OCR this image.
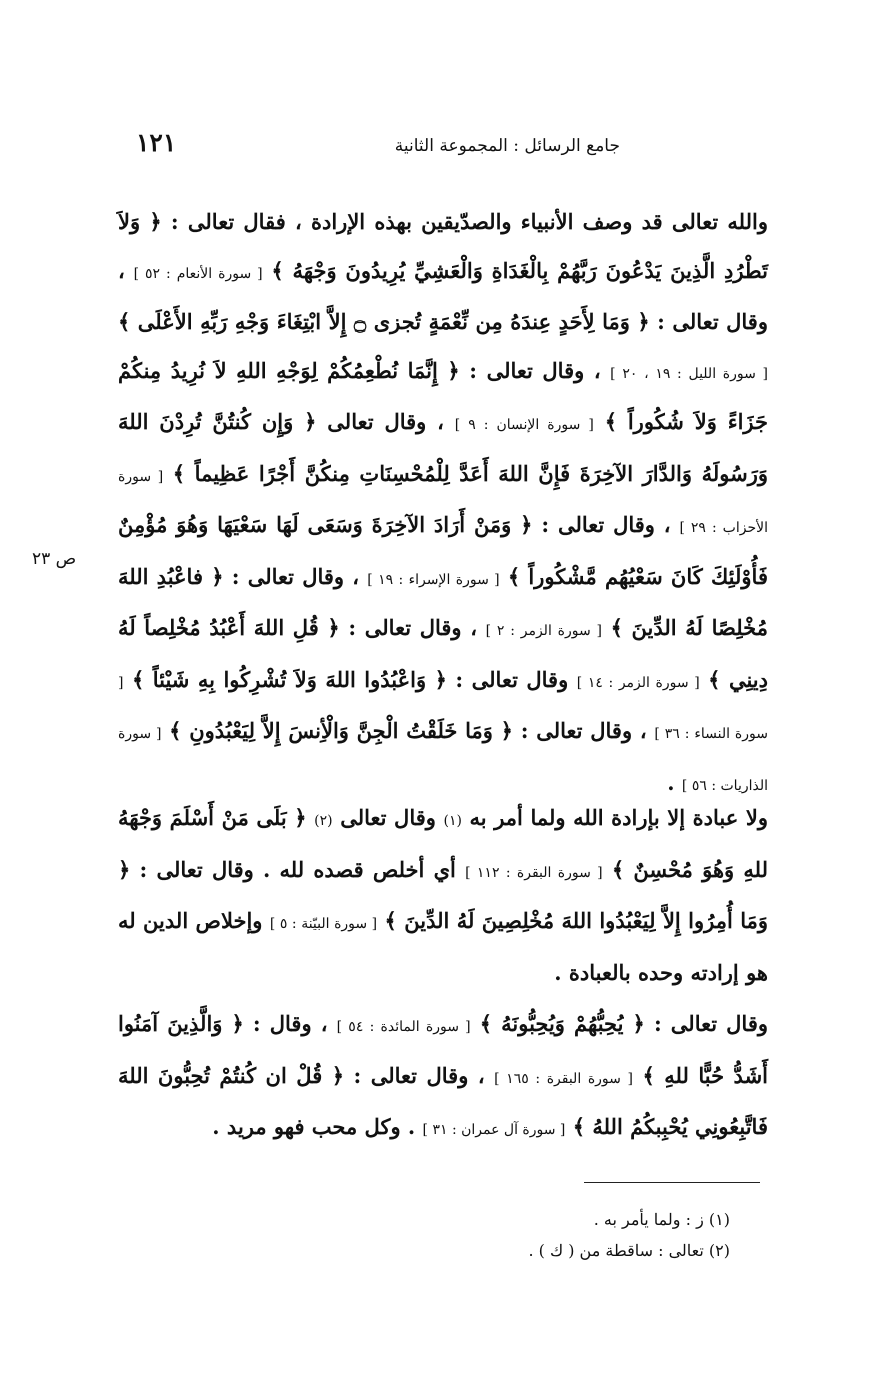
١٢١	جامع الرسائل : المجموعة الثانية
ص ٢٣
والله تعالى قد وصف الأنبياء والصدّيقين بهذه الإرادة ، فقال تعالى : ﴿ وَلاَ تَطْرُدِ الَّذِينَ يَدْعُونَ رَبَّهُمْ بِالْغَدَاةِ وَالْعَشِيِّ يُرِيدُونَ وَجْهَهُ ﴾ [ سورة الأنعام : ٥٢ ] ، وقال تعالى : ﴿ وَمَا لِأَحَدٍ عِندَهُ مِن نِّعْمَةٍ تُجزى ۝ إِلاَّ ابْتِغَاءَ وَجْهِ رَبِّهِ الأَعْلَى ﴾ [ سورة الليل : ١٩ ، ٢٠ ] ، وقال تعالى : ﴿ إِنَّمَا نُطْعِمُكُمْ لِوَجْهِ اللهِ لاَ نُرِيدُ مِنكُمْ جَزَاءً وَلاَ شُكُوراً ﴾ [ سورة الإنسان : ٩ ] ، وقال تعالى ﴿ وَإِن كُنتُنَّ تُرِدْنَ اللهَ وَرَسُولَهُ وَالدَّارَ الآخِرَةَ فَإِنَّ اللهَ أَعَدَّ لِلْمُحْسِنَاتِ مِنكُنَّ أَجْرًا عَظِيماً ﴾ [ سورة الأحزاب : ٢٩ ] ، وقال تعالى : ﴿ وَمَنْ أَرَادَ الآخِرَةَ وَسَعَى لَهَا سَعْيَهَا وَهُوَ مُؤْمِنٌ فَأُوْلَئِكَ كَانَ سَعْيُهُم مَّشْكُوراً ﴾ [ سورة الإسراء : ١٩ ] ، وقال تعالى : ﴿ فاعْبُدِ اللهَ مُخْلِصًا لَهُ الدِّينَ ﴾ [ سورة الزمر : ٢ ] ، وقال تعالى : ﴿ قُلِ اللهَ أَعْبُدُ مُخْلِصاً لَهُ دِينِي ﴾ [ سورة الزمر : ١٤ ] وقال تعالى : ﴿ وَاعْبُدُوا اللهَ وَلاَ تُشْرِكُوا بِهِ شَيْئاً ﴾ [ سورة النساء : ٣٦ ] ، وقال تعالى : ﴿ وَمَا خَلَقْتُ الْجِنَّ وَالْأِنسَ إِلاَّ لِيَعْبُدُونِ ﴾ [ سورة الذاريات : ٥٦ ] .
ولا عبادة إلا بإرادة الله ولما أمر به (١) وقال تعالى (٢) ﴿ بَلَى مَنْ أَسْلَمَ وَجْهَهُ للهِ وَهُوَ مُحْسِنٌ ﴾ [ سورة البقرة : ١١٢ ] أي أخلص قصده لله . وقال تعالى : ﴿ وَمَا أُمِرُوا إِلاَّ لِيَعْبُدُوا اللهَ مُخْلِصِينَ لَهُ الدِّينَ ﴾ [ سورة البيّنة : ٥ ] وإخلاص الدين له هو إرادته وحده بالعبادة .
وقال تعالى : ﴿ يُحِبُّهُمْ وَيُحِبُّونَهُ ﴾ [ سورة المائدة : ٥٤ ] ، وقال : ﴿ وَالَّذِينَ آمَنُوا أَشَدُّ حُبًّا للهِ ﴾ [ سورة البقرة : ١٦٥ ] ، وقال تعالى : ﴿ قُلْ ان كُنتُمْ تُحِبُّونَ اللهَ فَاتَّبِعُونِي يُحْبِبكُمُ اللهُ ﴾ [ سورة آل عمران : ٣١ ] . وكل محب فهو مريد .
(١) ز : ولما يأمر به .
(٢) تعالى : ساقطة من ( ك ) .
